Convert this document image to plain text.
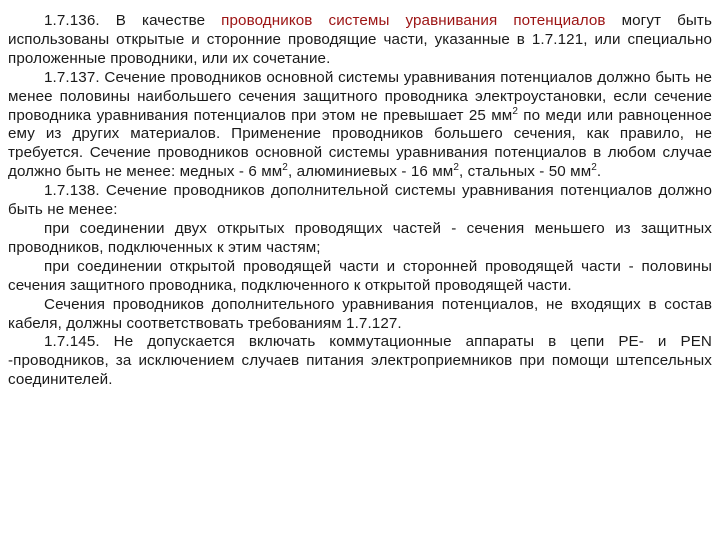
1.7.136. В качестве проводников системы уравнивания потенциалов могут быть использованы открытые и сторонние проводящие части, указанные в 1.7.121, или специально проложенные проводники, или их сочетание.

1.7.137. Сечение проводников основной системы уравнивания потенциалов должно быть не менее половины наибольшего сечения защитного проводника электроустановки, если сечение проводника уравнивания потенциалов при этом не превышает 25 $мм^2$ по меди или равноценное ему из других материалов. Применение проводников большего сечения, как правило, не требуется. Сечение проводников основной системы уравнивания потенциалов в любом случае должно быть не менее: медных - 6 $мм^2$, алюминиевых - 16 $мм^2$, стальных - 50 $мм^2$.

1.7.138. Сечение проводников дополнительной системы уравнивания потенциалов должно быть не менее:

при соединении двух открытых проводящих частей - сечения меньшего из защитных проводников, подключенных к этим частям;

при соединении открытой проводящей части и сторонней проводящей части - половины сечения защитного проводника, подключенного к открытой проводящей части.

Сечения проводников дополнительного уравнивания потенциалов, не входящих в состав кабеля, должны соответствовать требованиям 1.7.127.

1.7.145. Не допускается включать коммутационные аппараты в цепи PE- и PEN -проводников, за исключением случаев питания электроприемников при помощи штепсельных соединителей.
